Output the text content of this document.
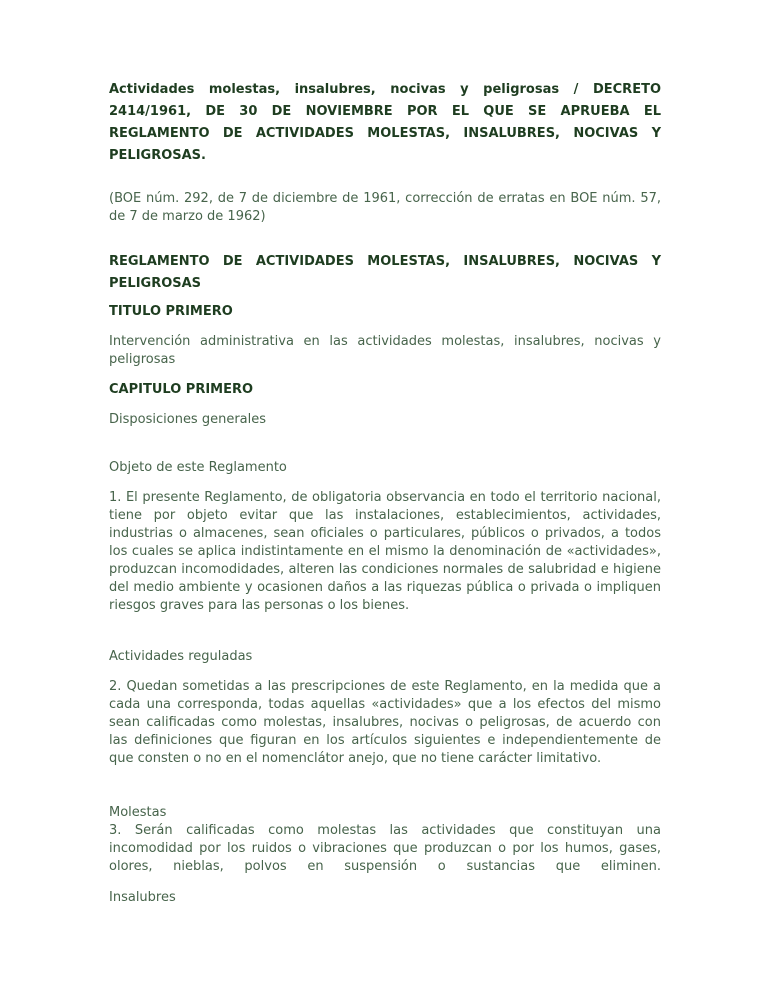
Actividades molestas, insalubres, nocivas y peligrosas / DECRETO 2414/1961, DE 30 DE NOVIEMBRE POR EL QUE SE APRUEBA EL REGLAMENTO DE ACTIVIDADES MOLESTAS, INSALUBRES, NOCIVAS Y PELIGROSAS.

(BOE núm. 292, de 7 de diciembre de 1961, corrección de erratas en BOE núm. 57, de 7 de marzo de 1962)

REGLAMENTO DE ACTIVIDADES MOLESTAS, INSALUBRES, NOCIVAS Y PELIGROSAS

TITULO PRIMERO

Intervención administrativa en las actividades molestas, insalubres, nocivas y peligrosas

CAPITULO PRIMERO

Disposiciones generales

Objeto de este Reglamento

1. El presente Reglamento, de obligatoria observancia en todo el territorio nacional, tiene por objeto evitar que las instalaciones, establecimientos, actividades, industrias o almacenes, sean oficiales o particulares, públicos o privados, a todos los cuales se aplica indistintamente en el mismo la denominación de «actividades», produzcan incomodidades, alteren las condiciones normales de salubridad e higiene del medio ambiente y ocasionen daños a las riquezas pública o privada o impliquen riesgos graves para las personas o los bienes.

Actividades reguladas

2. Quedan sometidas a las prescripciones de este Reglamento, en la medida que a cada una corresponda, todas aquellas «actividades» que a los efectos del mismo sean calificadas como molestas, insalubres, nocivas o peligrosas, de acuerdo con las definiciones que figuran en los artículos siguientes e independientemente de que consten o no en el nomenclátor anejo, que no tiene carácter limitativo.

Molestas

3. Serán calificadas como molestas las actividades que constituyan una incomodidad por los ruidos o vibraciones que produzcan o por los humos, gases, olores, nieblas, polvos en suspensión o sustancias que eliminen.

Insalubres
